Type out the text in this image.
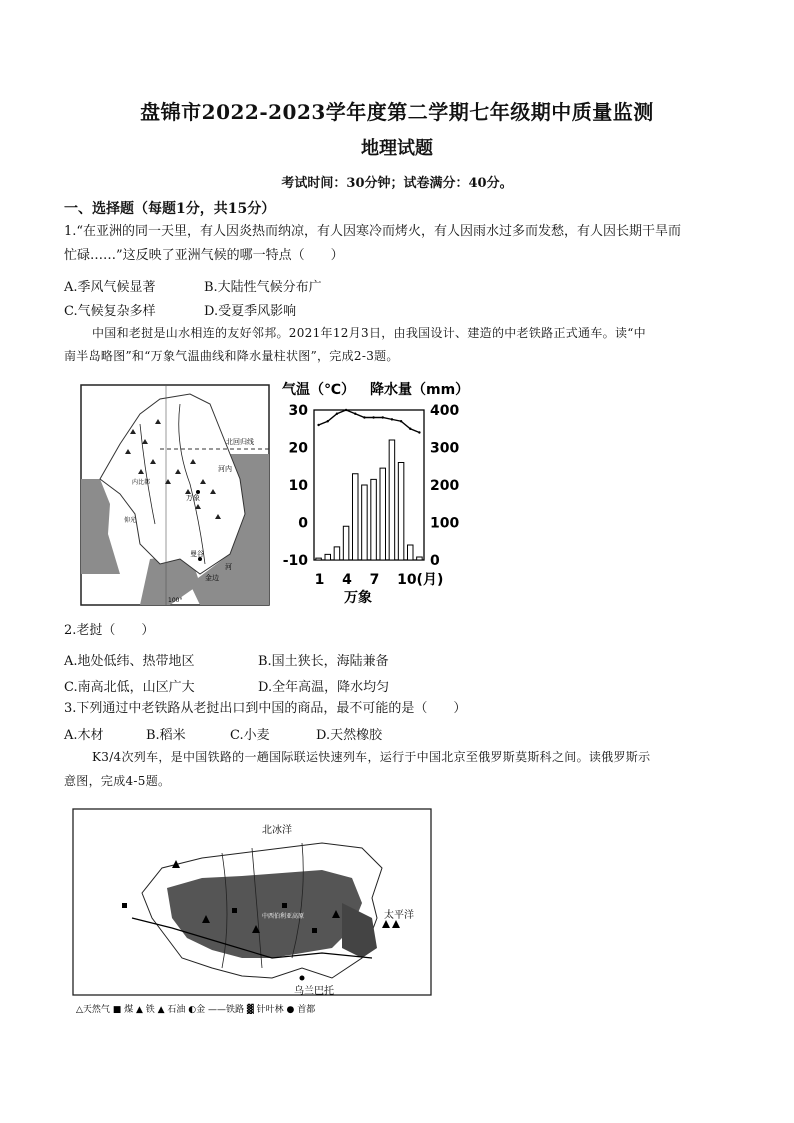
盘锦市2022-2023学年度第二学期七年级期中质量监测
地理试题
考试时间：30分钟；试卷满分：40分。
一、选择题（每题1分，共15分）
1.“在亚洲的同一天里，有人因炎热而纳凉，有人因寒冷而烤火，有人因雨水过多而发愁，有人因长期干旱而
忙碌……”这反映了亚洲气候的哪一特点（　　）
A.季风气候显著	B.大陆性气候分布广
C.气候复杂多样	D.受夏季风影响
中国和老挝是山水相连的友好邻邦。2021年12月3日，由我国设计、建造的中老铁路正式通车。读“中
南半岛略图”和“万象气温曲线和降水量柱状图”，完成2-3题。
北回归线
100°
万象
曼谷
金边
河内
内比都
仰光
河
气温（℃） 降水量（mm）
30
20
10
0
-10
400
300
200
100
0
1 4 7 10(月)
万象
2.老挝（　　）
A.地处低纬、热带地区	B.国土狭长，海陆兼备
C.南高北低，山区广大	D.全年高温，降水均匀
3.下列通过中老铁路从老挝出口到中国的商品，最不可能的是（　　）
A.木材	B.稻米	C.小麦	D.天然橡胶
K3/4次列车，是中国铁路的一趟国际联运快速列车，运行于中国北京至俄罗斯莫斯科之间。读俄罗斯示
意图，完成4-5题。
北冰洋
太平洋
乌兰巴托
中西伯利亚高原
△天然气 ■ 煤 ▲ 铁 ▲ 石油 ◐金 ——铁路 ▓ 针叶林 ● 首都
